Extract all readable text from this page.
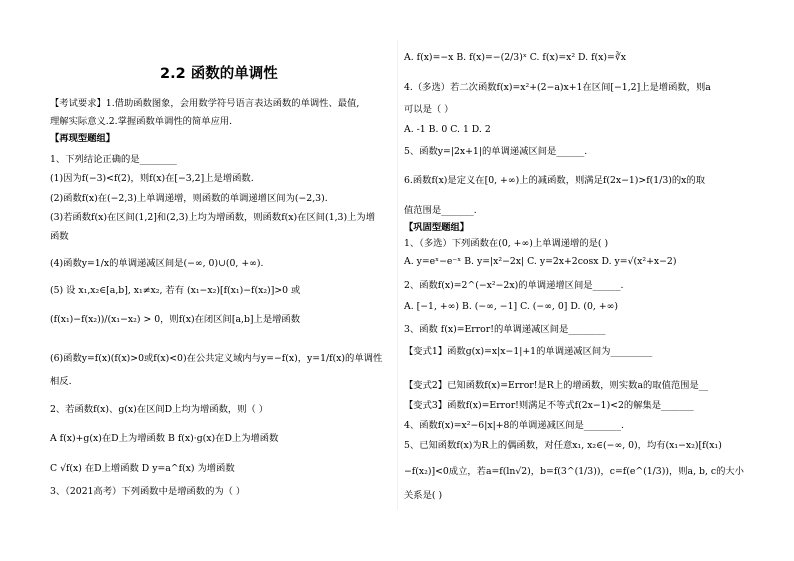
2.2 函数的单调性
【考试要求】1.借助函数图象，会用数学符号语言表达函数的单调性、最值,
理解实际意义.2.掌握函数单调性的简单应用.
【再现型题组】
1、下列结论正确的是________
(1)因为f(−3)<f(2)，则f(x)在[−3,2]上是增函数.
(2)函数f(x)在(−2,3)上单调递增，则函数的单调递增区间为(−2,3).
(3)若函数f(x)在区间(1,2]和(2,3)上均为增函数，则函数f(x)在区间(1,3)上为增
函数
(4)函数y=1/x的单调递减区间是(−∞, 0)∪(0, +∞).
(5) 设 x₁,x₂∈[a,b], x₁≠x₂, 若有 (x₁−x₂)[f(x₁)−f(x₂)]>0 或
(f(x₁)−f(x₂))/(x₁−x₂) > 0，则f(x)在闭区间[a,b]上是增函数
(6)函数y=f(x)(f(x)>0或f(x)<0)在公共定义域内与y=−f(x)，y=1/f(x)的单调性
相反.
2、若函数f(x)、g(x)在区间D上均为增函数，则（ ）
A f(x)+g(x)在D上为增函数 B f(x)·g(x)在D上为增函数
C √f(x) 在D上增函数 D y=a^f(x) 为增函数
3、（2021高考）下列函数中是增函数的为（ ）
A. f(x)=−x B. f(x)=−(2/3)ˣ C. f(x)=x² D. f(x)=∛x
4.（多选）若二次函数f(x)=x²+(2−a)x+1在区间[−1,2]上是增函数，则a
可以是（ ）
A. -1 B. 0 C. 1 D. 2
5、函数y=|2x+1|的单调递减区间是______.
6.函数f(x)是定义在[0, +∞)上的减函数，则满足f(2x−1)>f(1/3)的x的取
值范围是_______.
【巩固型题组】
1、（多选）下列函数在(0, +∞)上单调递增的是( )
A. y=eˣ−e⁻ˣ B. y=|x²−2x| C. y=2x+2cosx D. y=√(x²+x−2)
2、函数f(x)=2^(−x²−2x)的单调递增区间是______.
A. [−1, +∞) B. (−∞, −1] C. (−∞, 0] D. (0, +∞)
3、函数 f(x)=Error!的单调递减区间是________
【变式1】函数g(x)=x|x−1|+1的单调递减区间为_________
【变式2】已知函数f(x)=Error!是R上的增函数，则实数a的取值范围是__
【变式3】函数f(x)=Error!则满足不等式f(2x−1)<2的解集是_______
4、函数f(x)=x²−6|x|+8的单调递减区间是________.
5、已知函数f(x)为R上的偶函数，对任意x₁, x₂∈(−∞, 0)，均有(x₁−x₂)[f(x₁)
−f(x₂)]<0成立，若a=f(ln√2)，b=f(3^(1/3))，c=f(e^(1/3))，则a, b, c的大小
关系是( )
